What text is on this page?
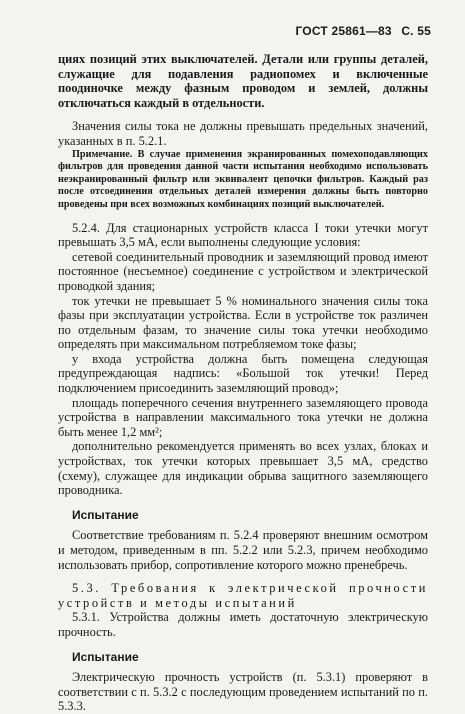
ГОСТ 25861—83 С. 55

циях позиций этих выключателей. Детали или группы деталей, служащие для подавления радиопомех и включенные поодиночке между фазным проводом и землей, должны отключаться каждый в отдельности.

Значения силы тока не должны превышать предельных значений, указанных в п. 5.2.1.

Примечание. В случае применения экранированных помехоподавляющих фильтров для проведения данной части испытания необходимо использовать неэкранированный фильтр или эквивалент цепочки фильтров. Каждый раз после отсоединения отдельных деталей измерения должны быть повторно проведены при всех возможных комбинациях позиций выключателей.

5.2.4. Для стационарных устройств класса I токи утечки могут превышать 3,5 мА, если выполнены следующие условия:

сетевой соединительный проводник и заземляющий провод имеют постоянное (несъемное) соединение с устройством и электрической проводкой здания;

ток утечки не превышает 5 % номинального значения силы тока фазы при эксплуатации устройства. Если в устройстве ток различен по отдельным фазам, то значение силы тока утечки необходимо определять при максимальном потребляемом токе фазы;

у входа устройства должна быть помещена следующая предупреждающая надпись: «Большой ток утечки! Перед подключением присоединить заземляющий провод»;

площадь поперечного сечения внутреннего заземляющего провода устройства в направлении максимального тока утечки не должна быть менее 1,2 мм²;

дополнительно рекомендуется применять во всех узлах, блоках и устройствах, ток утечки которых превышает 3,5 мА, средство (схему), служащее для индикации обрыва защитного заземляющего проводника.

Испытание

Соответствие требованиям п. 5.2.4 проверяют внешним осмотром и методом, приведенным в пп. 5.2.2 или 5.2.3, причем необходимо использовать прибор, сопротивление которого можно пренебречь.

5.3. Требования к электрической прочности устройств и методы испытаний

5.3.1. Устройства должны иметь достаточную электрическую прочность.

Испытание

Электрическую прочность устройств (п. 5.3.1) проверяют в соответствии с п. 5.3.2 с последующим проведением испытаний по п. 5.3.3.
